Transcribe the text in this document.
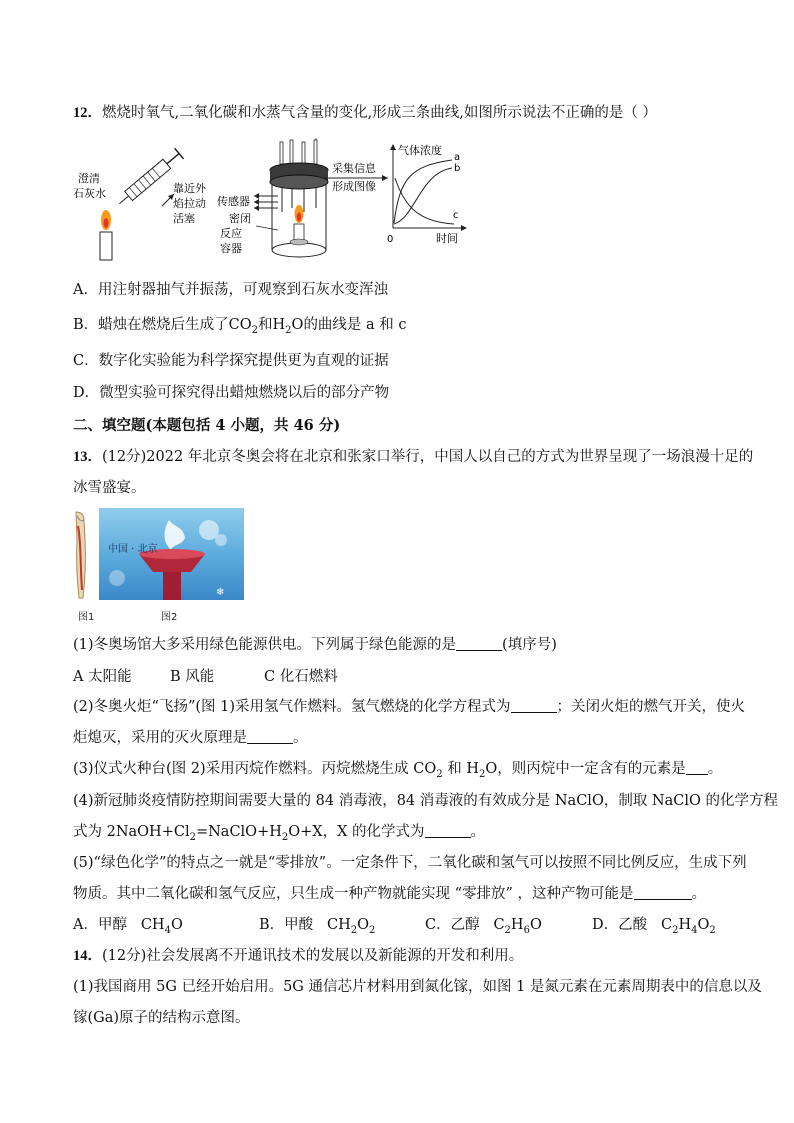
12．燃烧时氧气,二氧化碳和水蒸气含量的变化,形成三条曲线,如图所示说法不正确的是（ ）
澄清
石灰水	靠近外
焰拉动
活塞
传感器
密闭
反应
容器
采集信息
形成图像
气体浓度
0	时间
a
b
c
A．用注射器抽气并振荡，可观察到石灰水变浑浊
B．蜡烛在燃烧后生成了$CO_2$和$H_2O$的曲线是 a 和 c
C．数字化实验能为科学探究提供更为直观的证据
D．微型实验可探究得出蜡烛燃烧以后的部分产物
二、填空题(本题包括 4 小题，共 46 分)
13．(12分)2022 年北京冬奥会将在北京和张家口举行，中国人以自己的方式为世界呈现了一场浪漫十足的
冰雪盛宴。
❄
中国 · 北京
图1	图2
(1)冬奥场馆大多采用绿色能源供电。下列属于绿色能源的是	(填序号)
A 太阳能	B 风能	C 化石燃料
(2)冬奥火炬“飞扬”(图 1)采用氢气作燃料。氢气燃烧的化学方程式为	；关闭火炬的燃气开关，使火
炬熄灭，采用的灭火原理是	。
(3)仪式火种台(图 2)采用丙烷作燃料。丙烷燃烧生成 $CO_2$ 和 $H_2O$，则丙烷中一定含有的元素是 。
(4)新冠肺炎疫情防控期间需要大量的 84 消毒液，84 消毒液的有效成分是 NaClO，制取 NaClO 的化学方程
式为 $2NaOH+Cl_2=NaClO+H_2O+X$，X 的化学式为	。
(5)“绿色化学”的特点之一就是“零排放”。一定条件下，二氧化碳和氢气可以按照不同比例反应，生成下列
物质。其中二氧化碳和氢气反应，只生成一种产物就能实现 “零排放” ，这种产物可能是	。
A．甲醇 $CH_4O$	B．甲酸 $CH_2O_2$	C．乙醇 $C_2H_6O$	D．乙酸 $C_2H_4O_2$
14．(12分)社会发展离不开通讯技术的发展以及新能源的开发和利用。
(1)我国商用 5G 已经开始启用。5G 通信芯片材料用到氮化镓，如图 1 是氮元素在元素周期表中的信息以及
镓(Ga)原子的结构示意图。
